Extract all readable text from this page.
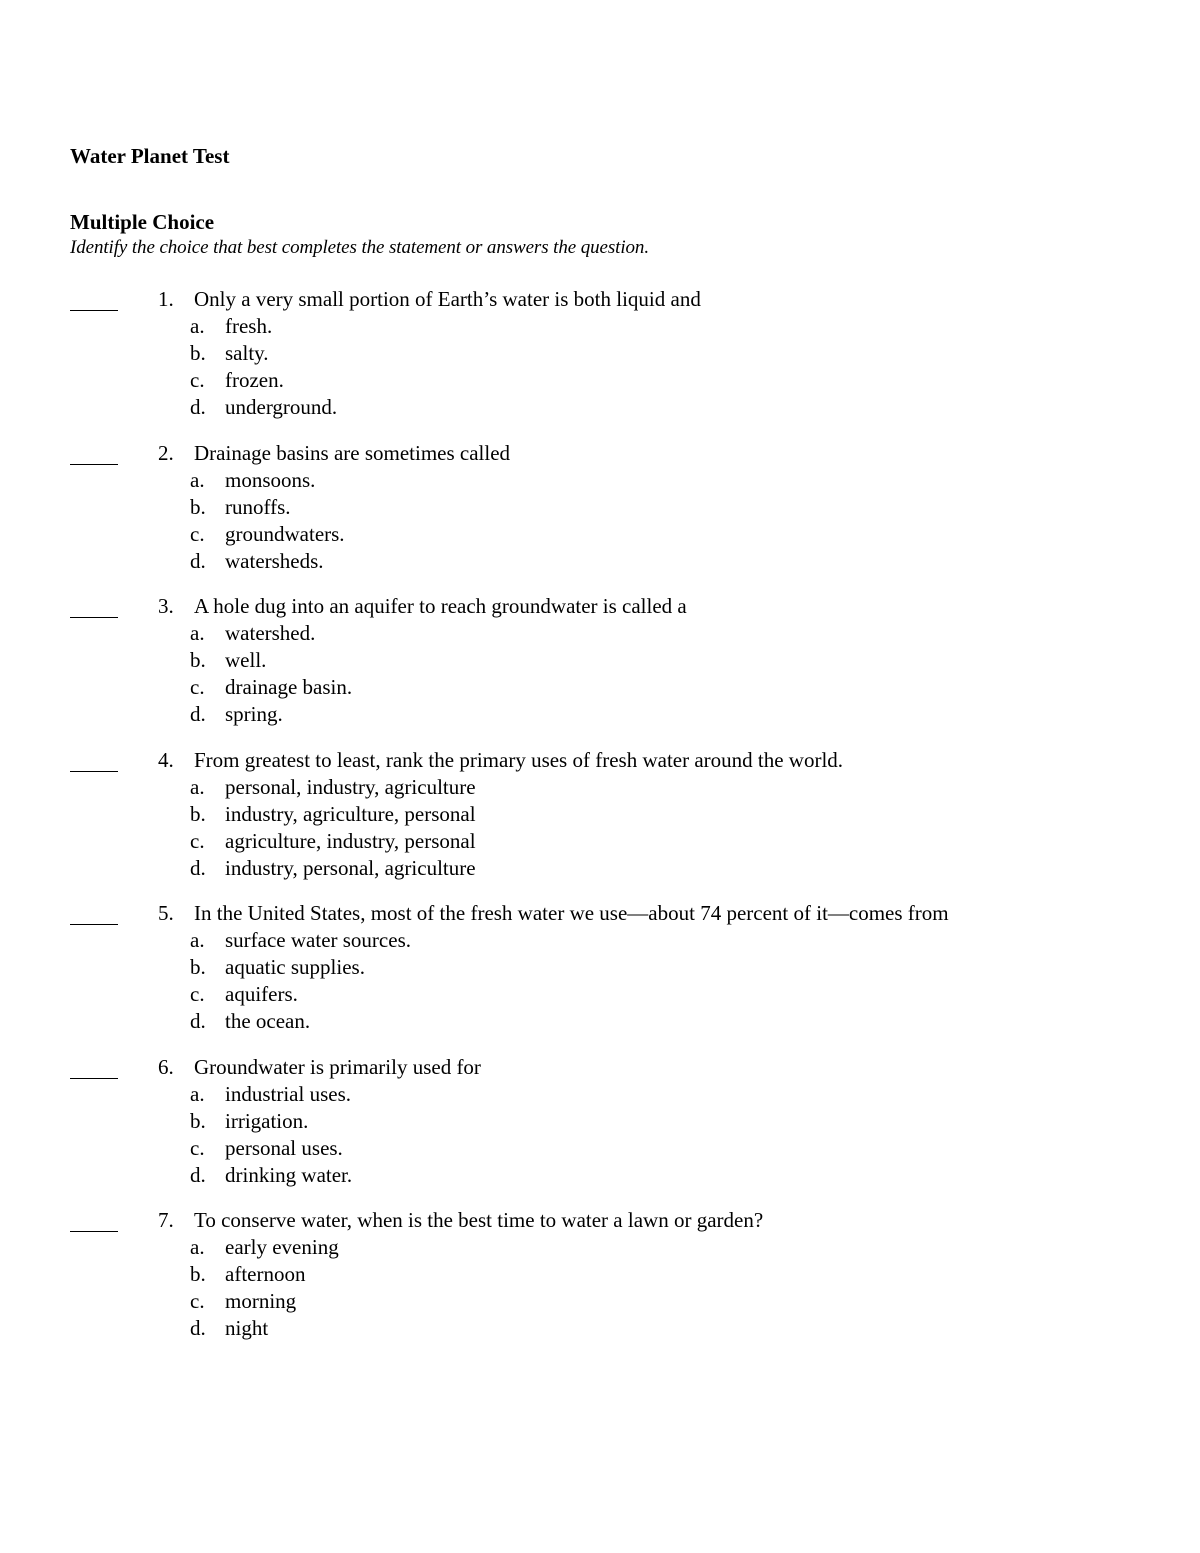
Water Planet Test
Multiple Choice
Identify the choice that best completes the statement or answers the question.
1. Only a very small portion of Earth’s water is both liquid and
a. fresh.
b. salty.
c. frozen.
d. underground.
2. Drainage basins are sometimes called
a. monsoons.
b. runoffs.
c. groundwaters.
d. watersheds.
3. A hole dug into an aquifer to reach groundwater is called a
a. watershed.
b. well.
c. drainage basin.
d. spring.
4. From greatest to least, rank the primary uses of fresh water around the world.
a. personal, industry, agriculture
b. industry, agriculture, personal
c. agriculture, industry, personal
d. industry, personal, agriculture
5. In the United States, most of the fresh water we use—about 74 percent of it—comes from
a. surface water sources.
b. aquatic supplies.
c. aquifers.
d. the ocean.
6. Groundwater is primarily used for
a. industrial uses.
b. irrigation.
c. personal uses.
d. drinking water.
7. To conserve water, when is the best time to water a lawn or garden?
a. early evening
b. afternoon
c. morning
d. night
